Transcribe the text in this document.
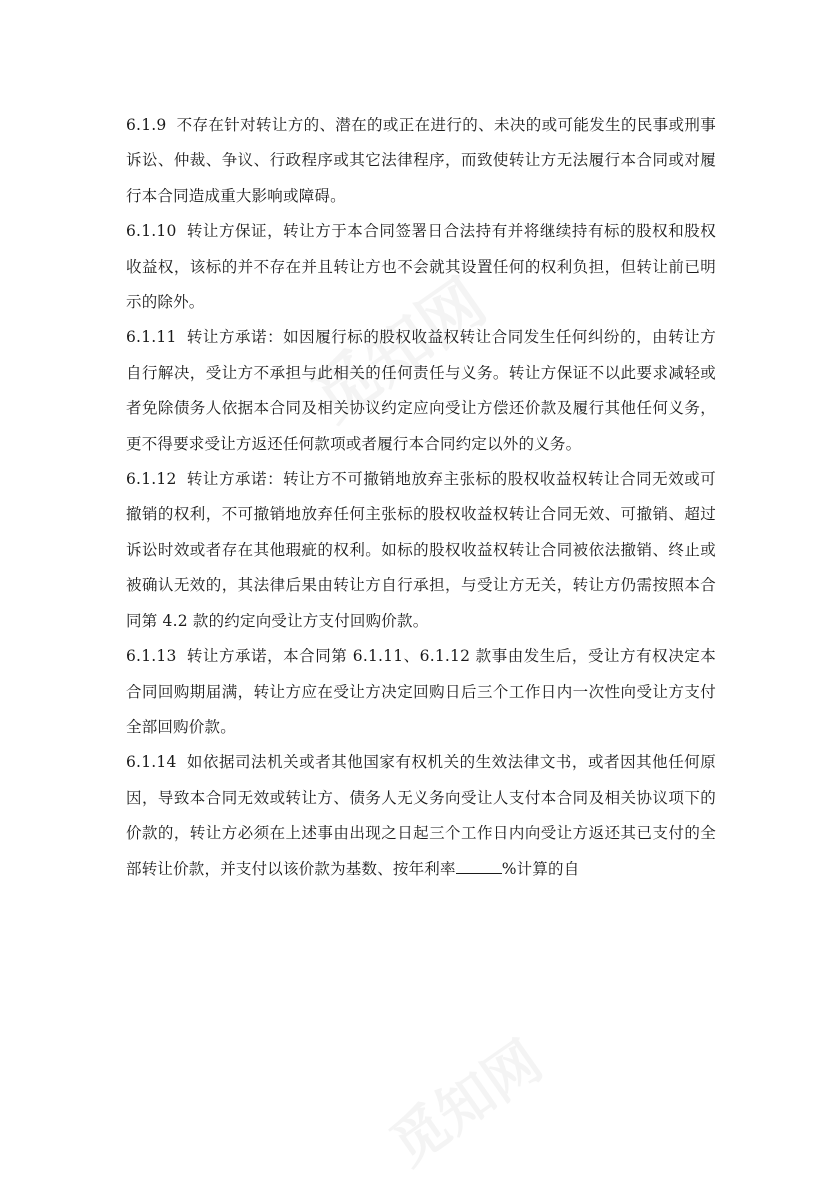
6.1.9 不存在针对转让方的、潜在的或正在进行的、未决的或可能发生的民事或刑事诉讼、仲裁、争议、行政程序或其它法律程序，而致使转让方无法履行本合同或对履行本合同造成重大影响或障碍。

6.1.10 转让方保证，转让方于本合同签署日合法持有并将继续持有标的股权和股权收益权，该标的并不存在并且转让方也不会就其设置任何的权利负担，但转让前已明示的除外。

6.1.11 转让方承诺：如因履行标的股权收益权转让合同发生任何纠纷的，由转让方自行解决，受让方不承担与此相关的任何责任与义务。转让方保证不以此要求减轻或者免除债务人依据本合同及相关协议约定应向受让方偿还价款及履行其他任何义务，更不得要求受让方返还任何款项或者履行本合同约定以外的义务。

6.1.12 转让方承诺：转让方不可撤销地放弃主张标的股权收益权转让合同无效或可撤销的权利，不可撤销地放弃任何主张标的股权收益权转让合同无效、可撤销、超过诉讼时效或者存在其他瑕疵的权利。如标的股权收益权转让合同被依法撤销、终止或被确认无效的，其法律后果由转让方自行承担，与受让方无关，转让方仍需按照本合同第 4.2 款的约定向受让方支付回购价款。

6.1.13 转让方承诺，本合同第 6.1.11、6.1.12 款事由发生后，受让方有权决定本合同回购期届满，转让方应在受让方决定回购日后三个工作日内一次性向受让方支付全部回购价款。

6.1.14 如依据司法机关或者其他国家有权机关的生效法律文书，或者因其他任何原因，导致本合同无效或转让方、债务人无义务向受让人支付本合同及相关协议项下的价款的，转让方必须在上述事由出现之日起三个工作日内向受让方返还其已支付的全部转让价款，并支付以该价款为基数、按年利率	%计算的自
